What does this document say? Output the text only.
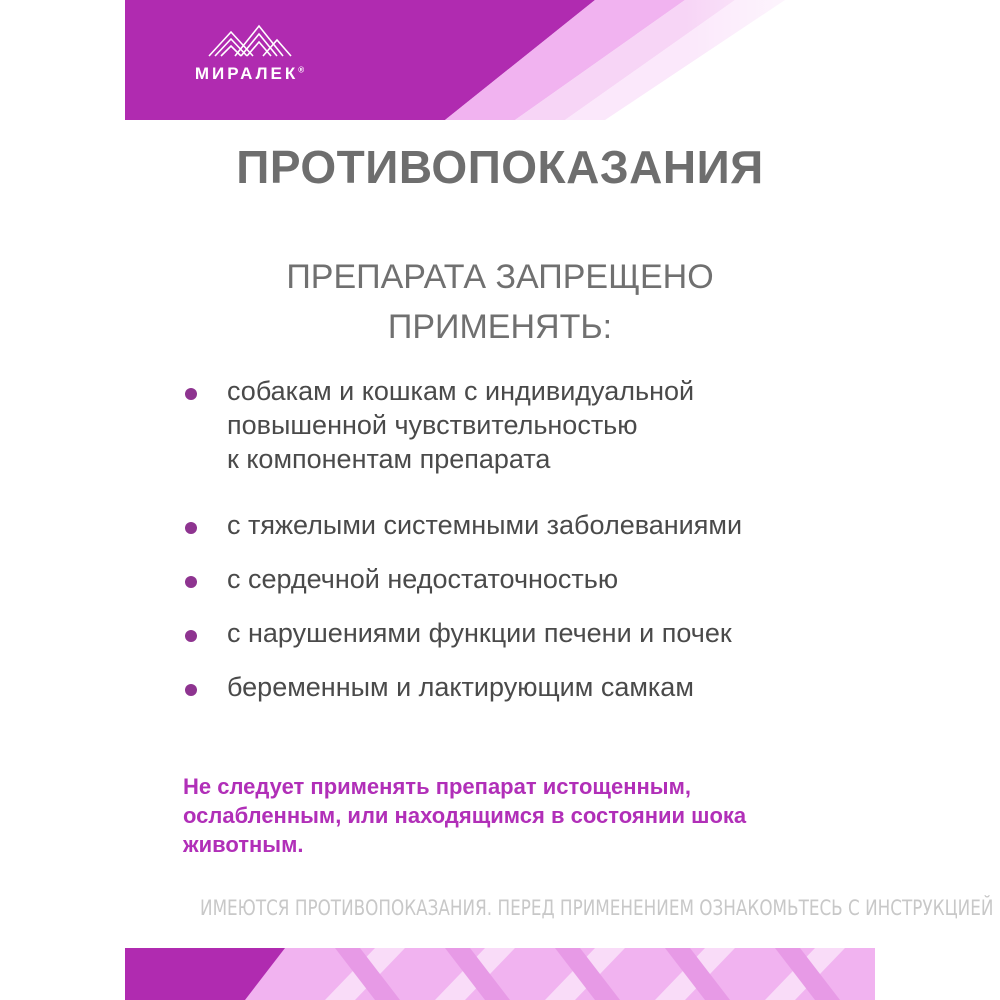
МИРАЛЕК®
ПРОТИВОПОКАЗАНИЯ
ПРЕПАРАТА ЗАПРЕЩЕНО
ПРИМЕНЯТЬ:
собакам и кошкам с индивидуальной
повышенной чувствительностью
к компонентам препарата
с тяжелыми системными заболеваниями
с сердечной недостаточностью
с нарушениями функции печени и почек
беременным и лактирующим самкам
Не следует применять препарат истощенным,
ослабленным, или находящимся в состоянии шока
животным.
ИМЕЮТСЯ ПРОТИВОПОКАЗАНИЯ. ПЕРЕД ПРИМЕНЕНИЕМ ОЗНАКОМЬТЕСЬ С ИНСТРУКЦИЕЙ
